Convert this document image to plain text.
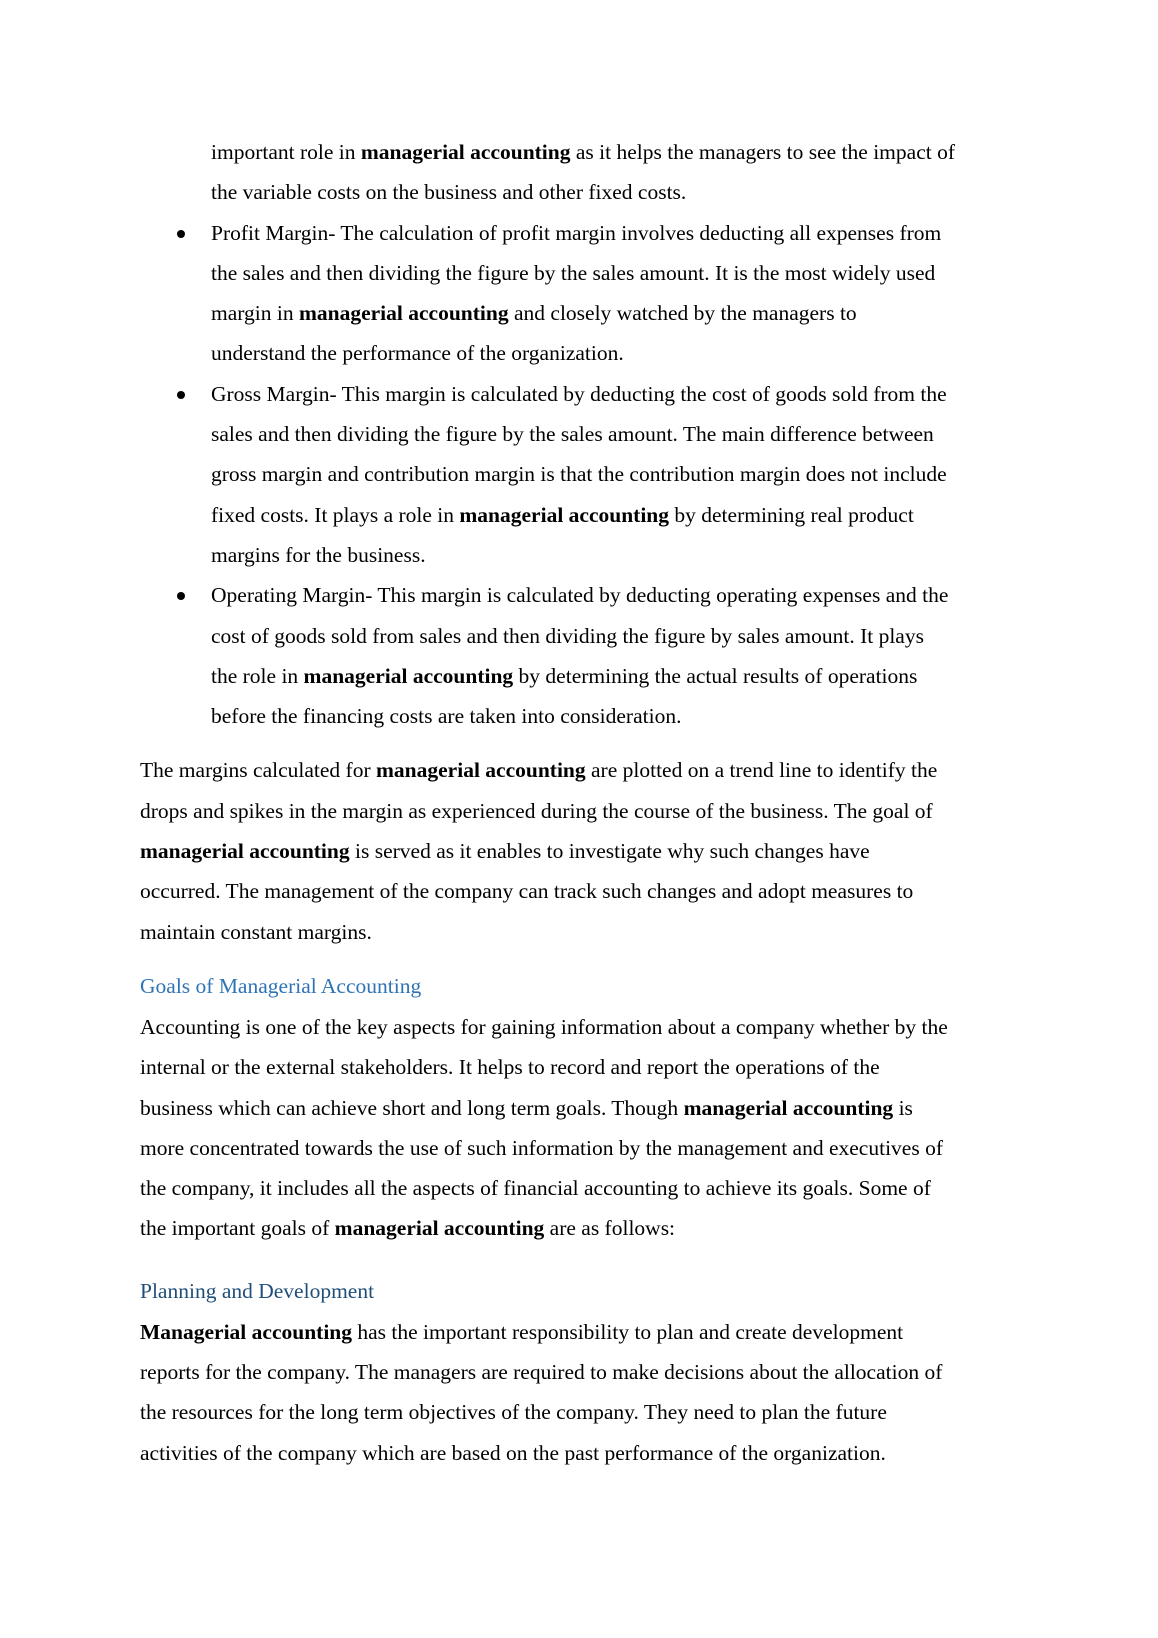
important role in managerial accounting as it helps the managers to see the impact of
the variable costs on the business and other fixed costs.
Profit Margin- The calculation of profit margin involves deducting all expenses from
the sales and then dividing the figure by the sales amount. It is the most widely used
margin in managerial accounting and closely watched by the managers to
understand the performance of the organization.
Gross Margin- This margin is calculated by deducting the cost of goods sold from the
sales and then dividing the figure by the sales amount. The main difference between
gross margin and contribution margin is that the contribution margin does not include
fixed costs. It plays a role in managerial accounting by determining real product
margins for the business.
Operating Margin- This margin is calculated by deducting operating expenses and the
cost of goods sold from sales and then dividing the figure by sales amount. It plays
the role in managerial accounting by determining the actual results of operations
before the financing costs are taken into consideration.
The margins calculated for managerial accounting are plotted on a trend line to identify the
drops and spikes in the margin as experienced during the course of the business. The goal of
managerial accounting is served as it enables to investigate why such changes have
occurred. The management of the company can track such changes and adopt measures to
maintain constant margins.
Goals of Managerial Accounting
Accounting is one of the key aspects for gaining information about a company whether by the
internal or the external stakeholders. It helps to record and report the operations of the
business which can achieve short and long term goals. Though managerial accounting is
more concentrated towards the use of such information by the management and executives of
the company, it includes all the aspects of financial accounting to achieve its goals. Some of
the important goals of managerial accounting are as follows:
Planning and Development
Managerial accounting has the important responsibility to plan and create development
reports for the company. The managers are required to make decisions about the allocation of
the resources for the long term objectives of the company. They need to plan the future
activities of the company which are based on the past performance of the organization.
